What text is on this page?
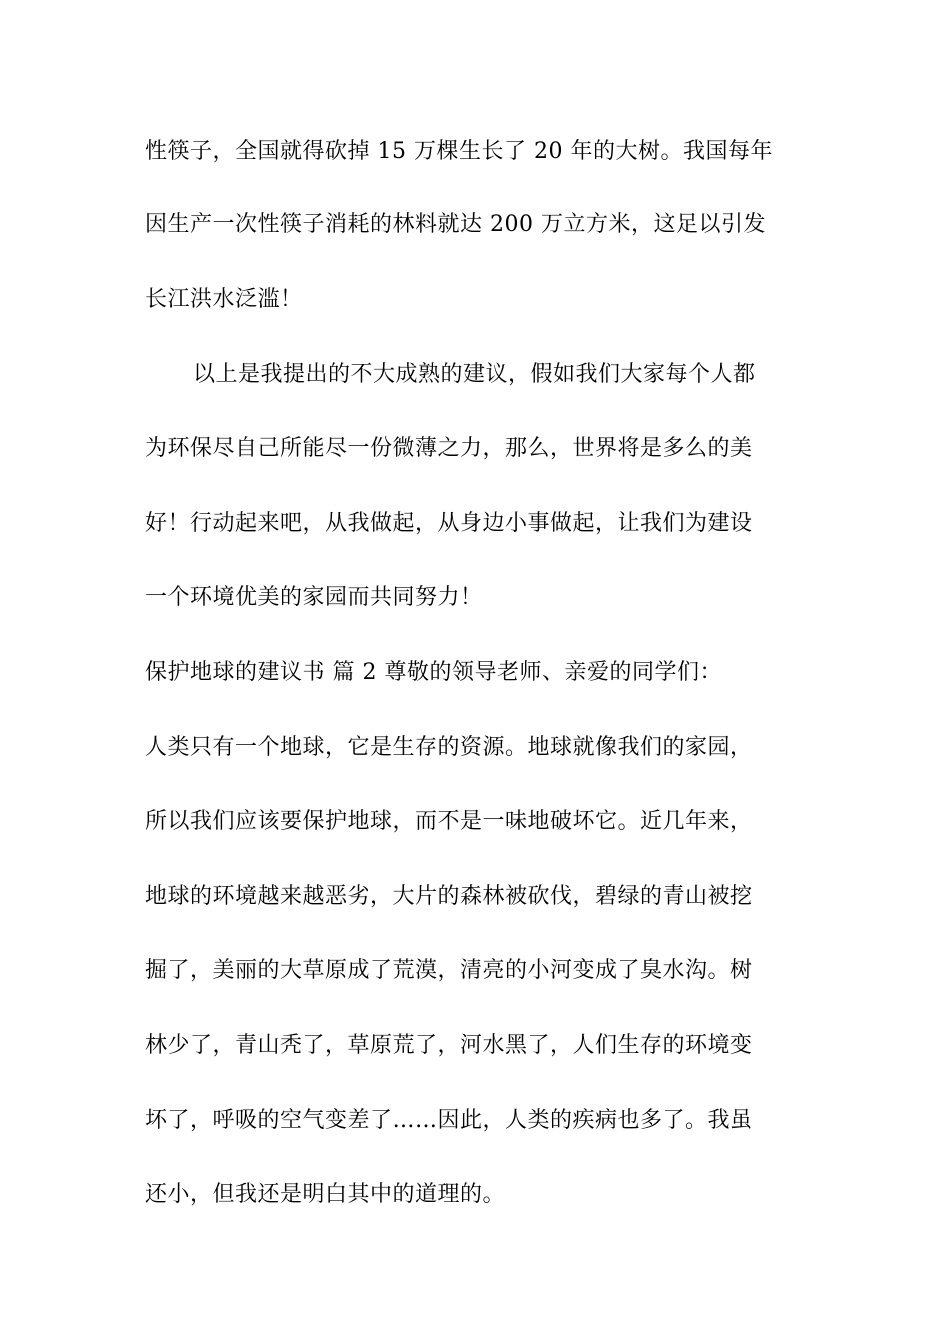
性筷子，全国就得砍掉 15 万棵生长了 20 年的大树。我国每年
因生产一次性筷子消耗的林料就达 200 万立方米，这足以引发
长江洪水泛滥！
以上是我提出的不大成熟的建议，假如我们大家每个人都
为环保尽自己所能尽一份微薄之力，那么，世界将是多么的美
好！行动起来吧，从我做起，从身边小事做起，让我们为建设
一个环境优美的家园而共同努力！
保护地球的建议书 篇 2 尊敬的领导老师、亲爱的同学们：
人类只有一个地球，它是生存的资源。地球就像我们的家园，
所以我们应该要保护地球，而不是一味地破坏它。近几年来，
地球的环境越来越恶劣，大片的森林被砍伐，碧绿的青山被挖
掘了，美丽的大草原成了荒漠，清亮的小河变成了臭水沟。树
林少了，青山秃了，草原荒了，河水黑了，人们生存的环境变
坏了，呼吸的空气变差了……因此，人类的疾病也多了。我虽
还小，但我还是明白其中的道理的。
